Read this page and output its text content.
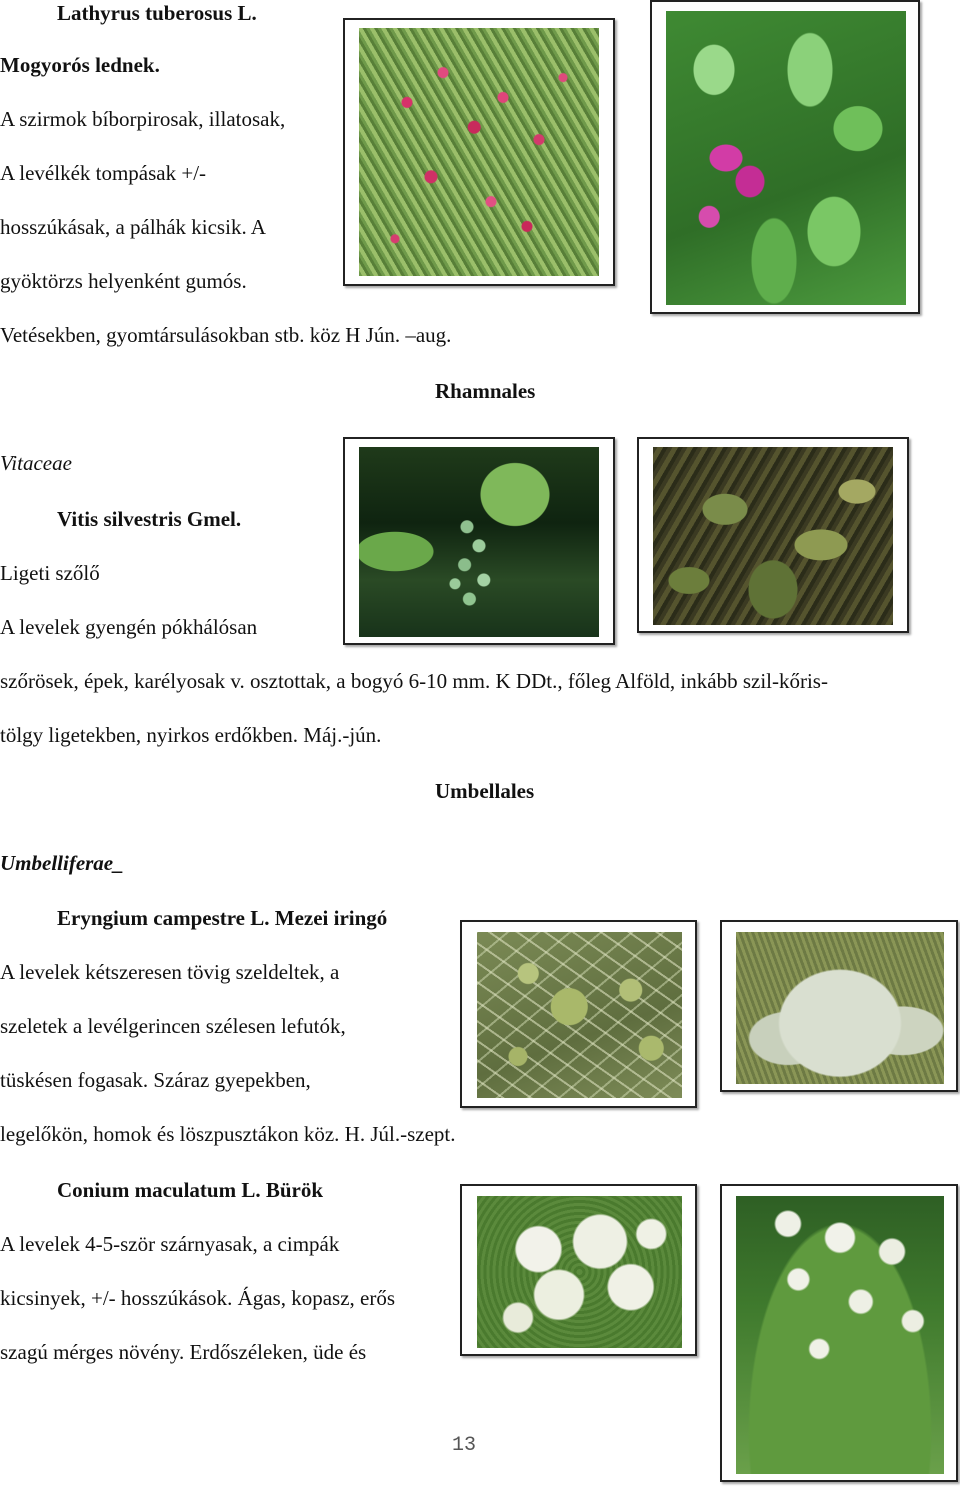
Lathyrus tuberosus L.
Mogyorós lednek.
A szirmok bíborpirosak, illatosak,
A levélkék tompásak +/-
hosszúkásak, a pálhák kicsik. A
gyöktörzs helyenként gumós.
Vetésekben, gyomtársulásokban stb. köz H Jún. –aug.
Rhamnales
Vitaceae
Vitis silvestris Gmel.
Ligeti szőlő
A levelek gyengén pókhálósan
szőrösek, épek, karélyosak v. osztottak, a bogyó 6-10 mm. K DDt., főleg Alföld, inkább szil-kőris-
tölgy ligetekben, nyirkos erdőkben. Máj.-jún.
Umbellales
Umbelliferae_
Eryngium campestre L. Mezei iringó
A levelek kétszeresen tövig szeldeltek, a
szeletek a levélgerincen szélesen lefutók,
tüskésen fogasak. Száraz gyepekben,
legelőkön, homok és löszpusztákon köz. H. Júl.-szept.
Conium maculatum L. Bürök
A levelek 4-5-ször szárnyasak, a cimpák
kicsinyek, +/- hosszúkások. Ágas, kopasz, erős
szagú mérges növény. Erdőszéleken, üde és
13
